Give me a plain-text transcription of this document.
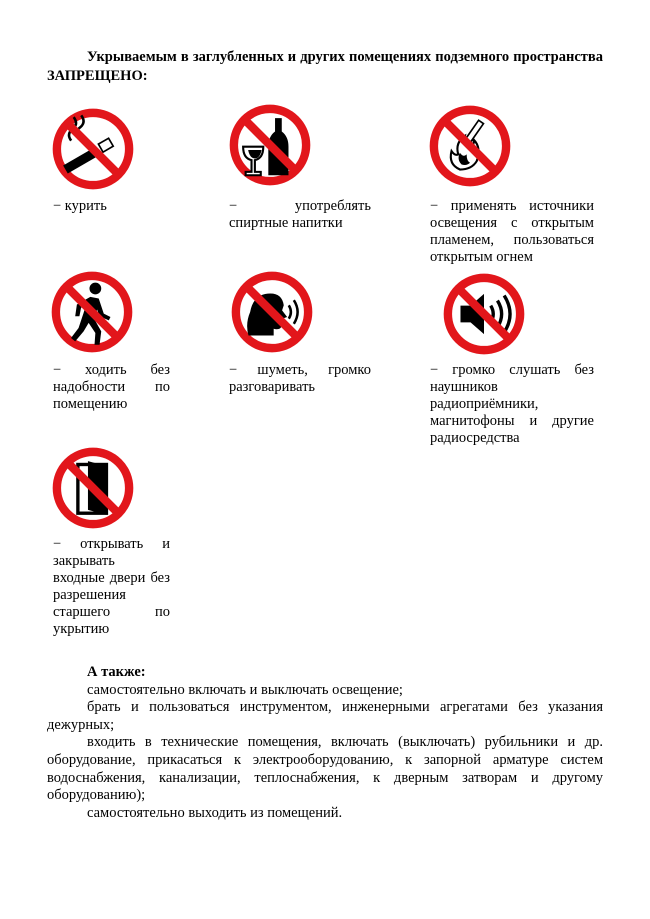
Укрываемым в заглубленных и других помещениях подземного пространства ЗАПРЕЩЕНО:
− курить	− употреблять спиртные напитки
− применять источники освещения с открытым пламенем, пользоваться открытым огнем
− ходить без надобности по помещению
− шуметь, громко разговаривать
− громко слушать без наушников радиоприёмники, магнитофоны и другие радиосредства
− открывать и закрывать входные двери без разрешения старшего по укрытию

А также:

самостоятельно включать и выключать освещение;

брать и пользоваться инструментом, инженерными агрегатами без указания дежурных;

входить в технические помещения, включать (выключать) рубильники и др. оборудование, прикасаться к электрооборудованию, к запорной арматуре систем водоснабжения, канализации, теплоснабжения, к дверным затворам и другому оборудованию);

самостоятельно выходить из помещений.
